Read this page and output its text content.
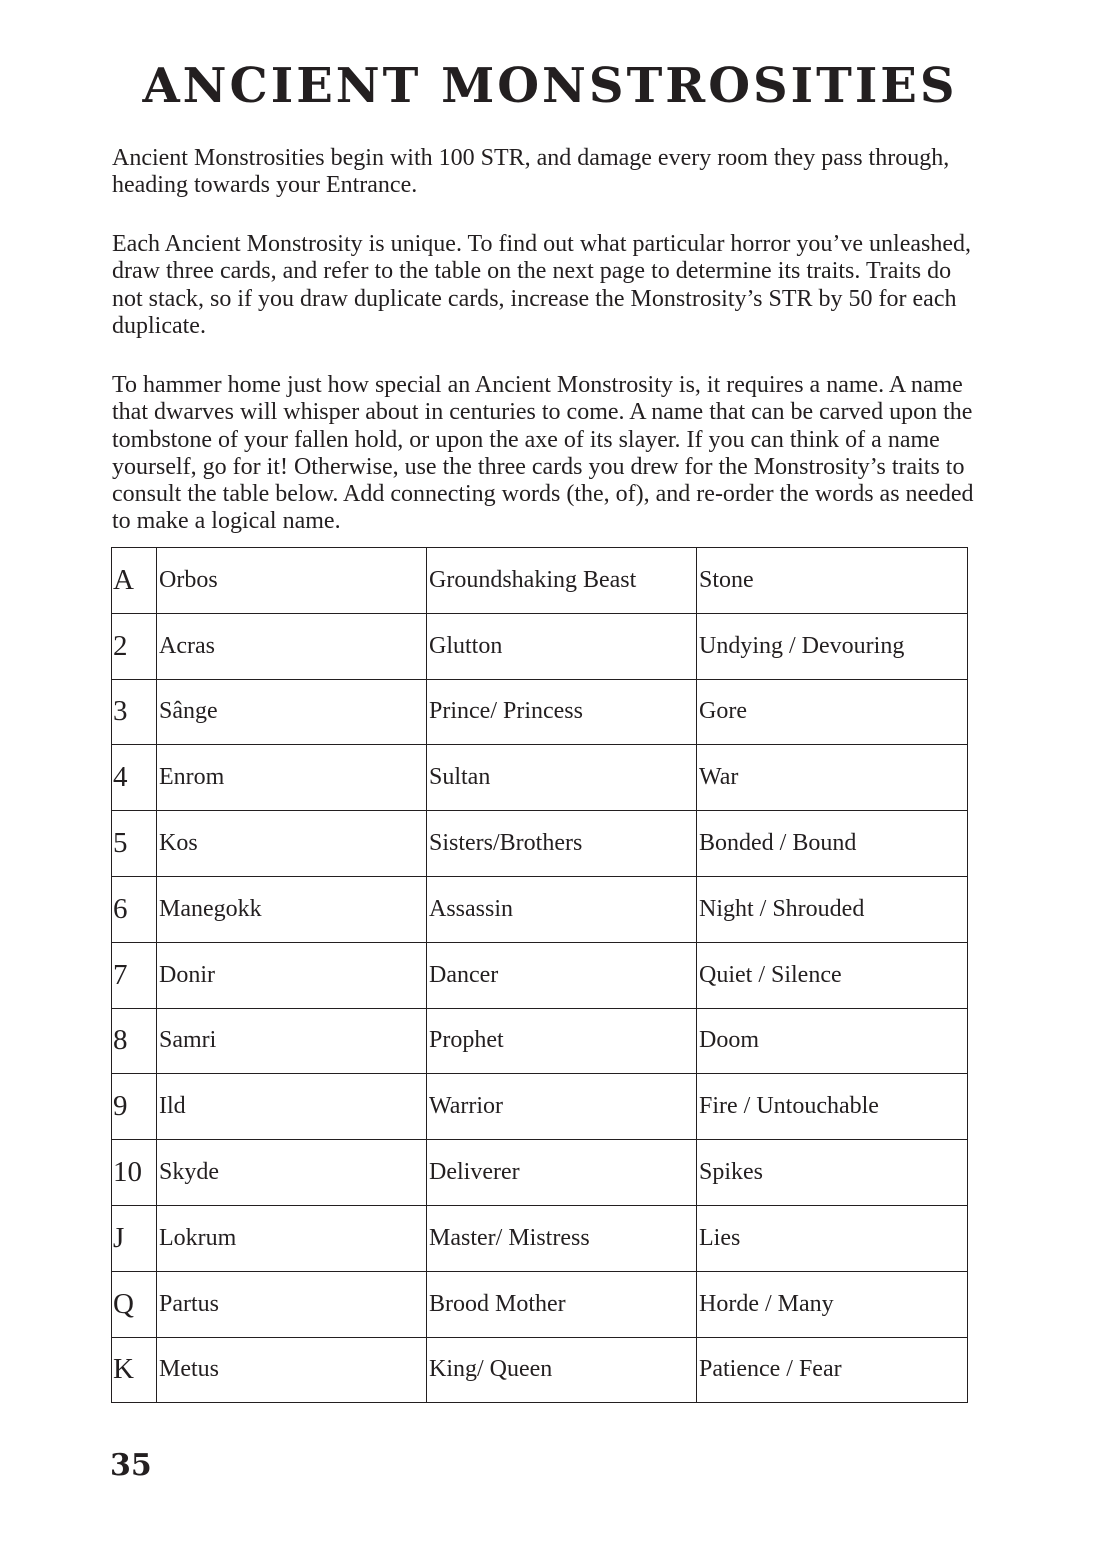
ANCIENT MONSTROSITIES

Ancient Monstrosities begin with 100 STR, and damage every room they pass through, heading towards your Entrance.

Each Ancient Monstrosity is unique. To find out what particular horror you’ve unleashed, draw three cards, and refer to the table on the next page to determine its traits. Traits do not stack, so if you draw duplicate cards, increase the Monstrosity’s STR by 50 for each duplicate.

To hammer home just how special an Ancient Monstrosity is, it requires a name. A name that dwarves will whisper about in centuries to come. A name that can be carved upon the tombstone of your fallen hold, or upon the axe of its slayer. If you can think of a name yourself, go for it! Otherwise, use the three cards you drew for the Monstrosity’s traits to consult the table below. Add connecting words (the, of), and re-order the words as needed to make a logical name.

A	Orbos	Groundshaking Beast	Stone
2	Acras	Glutton	Undying / Devouring
3	Sânge	Prince/ Princess	Gore
4	Enrom	Sultan	War
5	Kos	Sisters/Brothers	Bonded / Bound
6	Manegokk	Assassin	Night / Shrouded
7	Donir	Dancer	Quiet / Silence
8	Samri	Prophet	Doom
9	Ild	Warrior	Fire / Untouchable
10	Skyde	Deliverer	Spikes
J	Lokrum	Master/ Mistress	Lies
Q	Partus	Brood Mother	Horde / Many
K	Metus	King/ Queen	Patience / Fear
35
